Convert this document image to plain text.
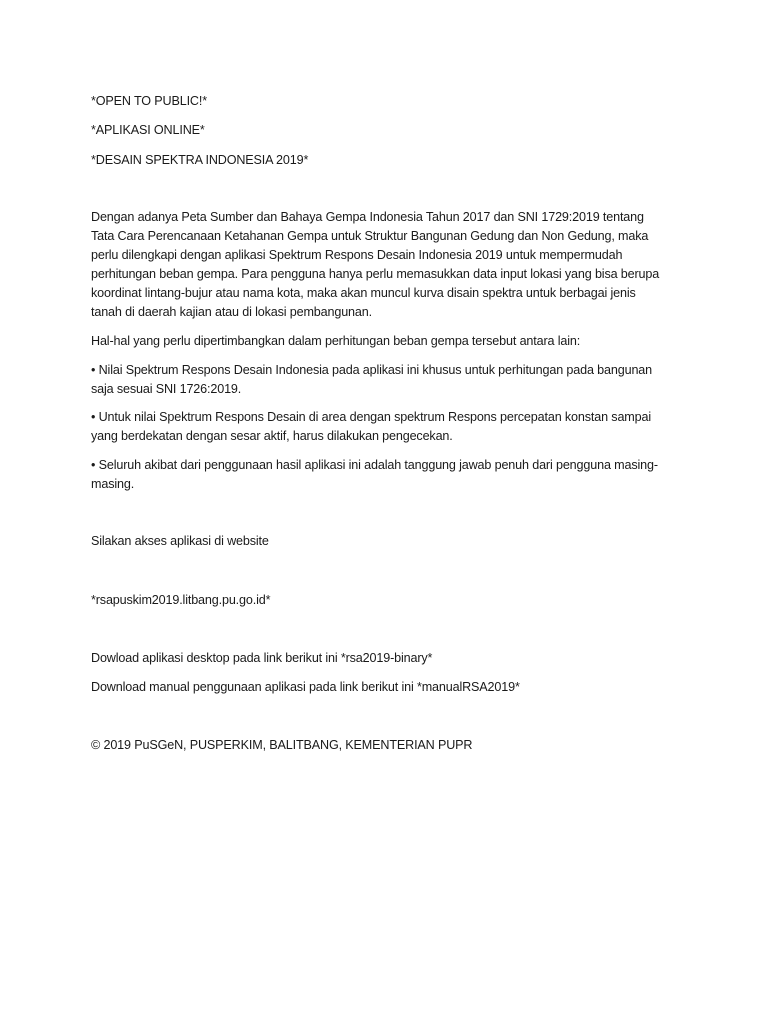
*OPEN TO PUBLIC!*
*APLIKASI ONLINE*
*DESAIN SPEKTRA INDONESIA 2019*
Dengan adanya Peta Sumber dan Bahaya Gempa Indonesia Tahun 2017 dan SNI 1729:2019 tentang Tata Cara Perencanaan Ketahanan Gempa untuk Struktur Bangunan Gedung dan Non Gedung, maka perlu dilengkapi dengan aplikasi Spektrum Respons Desain Indonesia 2019 untuk mempermudah perhitungan beban gempa. Para pengguna hanya perlu memasukkan data input lokasi yang bisa berupa koordinat lintang-bujur atau nama kota, maka akan muncul kurva disain spektra untuk berbagai jenis tanah di daerah kajian atau di lokasi pembangunan.
Hal-hal yang perlu dipertimbangkan dalam perhitungan beban gempa tersebut antara lain:
• Nilai Spektrum Respons Desain Indonesia pada aplikasi ini khusus untuk perhitungan pada bangunan saja sesuai SNI 1726:2019.
• Untuk nilai Spektrum Respons Desain di area dengan spektrum Respons percepatan konstan sampai yang berdekatan dengan sesar aktif, harus dilakukan pengecekan.
• Seluruh akibat dari penggunaan hasil aplikasi ini adalah tanggung jawab penuh dari pengguna masing-masing.
Silakan akses aplikasi di website
*rsapuskim2019.litbang.pu.go.id*
Dowload aplikasi desktop pada link berikut ini *rsa2019-binary*
Download manual penggunaan aplikasi pada link berikut ini *manualRSA2019*
© 2019 PuSGeN, PUSPERKIM, BALITBANG, KEMENTERIAN PUPR
